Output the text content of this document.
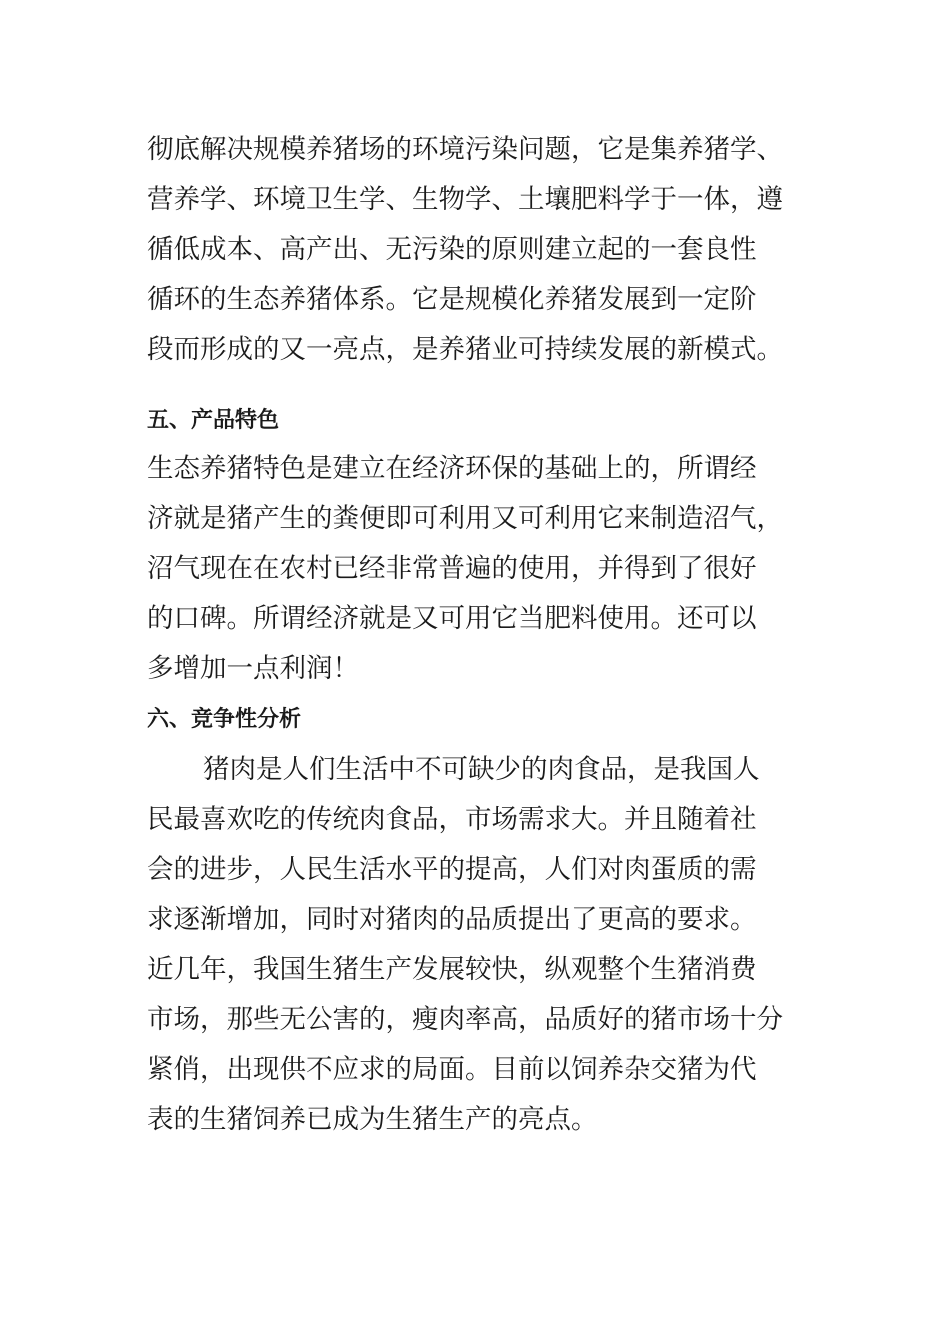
彻底解决规模养猪场的环境污染问题，它是集养猪学、
营养学、环境卫生学、生物学、土壤肥料学于一体，遵
循低成本、高产出、无污染的原则建立起的一套良性
循环的生态养猪体系。它是规模化养猪发展到一定阶
段而形成的又一亮点，是养猪业可持续发展的新模式。
五、产品特色
生态养猪特色是建立在经济环保的基础上的，所谓经
济就是猪产生的粪便即可利用又可利用它来制造沼气，
沼气现在在农村已经非常普遍的使用，并得到了很好
的口碑。所谓经济就是又可用它当肥料使用。还可以
多增加一点利润！
六、竞争性分析
猪肉是人们生活中不可缺少的肉食品，是我国人
民最喜欢吃的传统肉食品，市场需求大。并且随着社
会的进步，人民生活水平的提高，人们对肉蛋质的需
求逐渐增加，同时对猪肉的品质提出了更高的要求。
近几年，我国生猪生产发展较快，纵观整个生猪消费
市场，那些无公害的，瘦肉率高，品质好的猪市场十分
紧俏，出现供不应求的局面。目前以饲养杂交猪为代
表的生猪饲养已成为生猪生产的亮点。
